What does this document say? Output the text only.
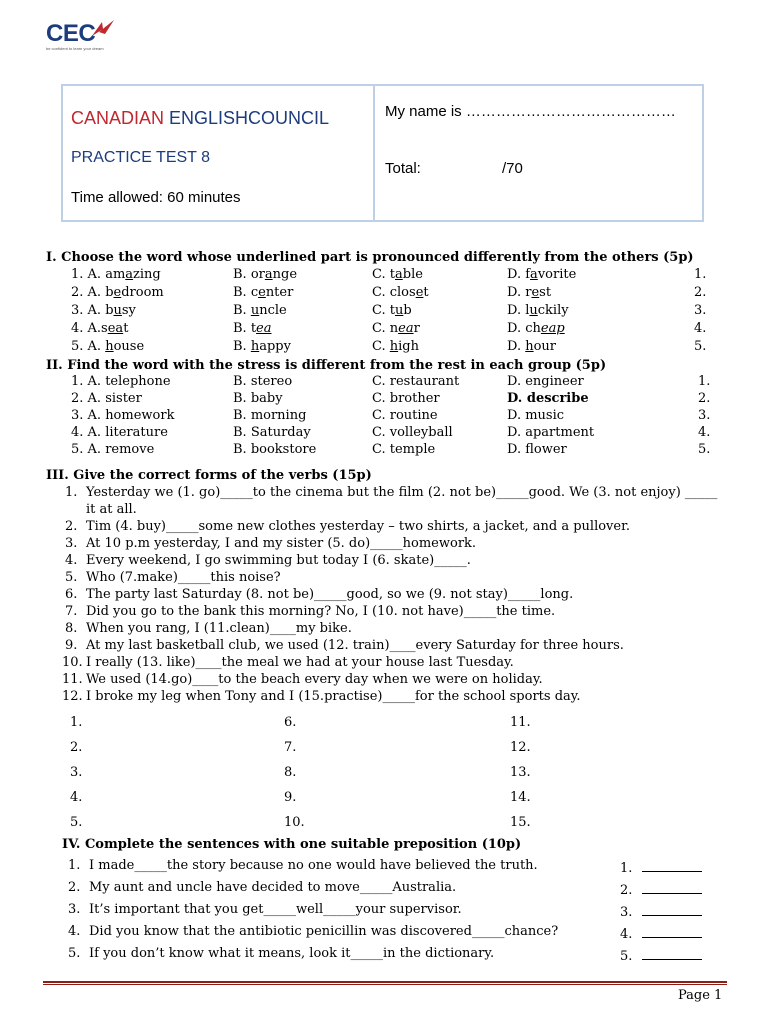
CEC
be confident to learn your dream
CANADIAN ENGLISHCOUNCIL
PRACTICE TEST 8
Time allowed: 60 minutes
My name is ……………………………………
Total:	/70
I. Choose the word whose underlined part is pronounced differently from the others (5p)
1. A. amazing	B. orange	C. table	D. favorite	1.
2. A. bedroom	B. center	C. closet	D. rest	2.
3. A. busy	B. uncle	C. tub	D. luckily	3.
4. A.seat	B. tea	C. near	D. cheap	4.
5. A. house	B. happy	C. high	D. hour	5.
II. Find the word with the stress is different from the rest in each group (5p)
1. A. telephone	B. stereo	C. restaurant	D. engineer	1.
2. A. sister	B. baby	C. brother	D. describe	2.
3. A. homework	B. morning	C. routine	D. music	3.
4. A. literature	B. Saturday	C. volleyball	D. apartment	4.
5. A. remove	B. bookstore	C. temple	D. flower	5.
III. Give the correct forms of the verbs (15p)
1. Yesterday we (1. go)_____to the cinema but the film (2. not be)_____good. We (3. not enjoy) _____
it at all.
2. Tim (4. buy)_____some new clothes yesterday – two shirts, a jacket, and a pullover.
3. At 10 p.m yesterday, I and my sister (5. do)_____homework.
4. Every weekend, I go swimming but today I (6. skate)_____.
5. Who (7.make)_____this noise?
6. The party last Saturday (8. not be)_____good, so we (9. not stay)_____long.
7. Did you go to the bank this morning? No, I (10. not have)_____the time.
8. When you rang, I (11.clean)____my bike.
9. At my last basketball club, we used (12. train)____every Saturday for three hours.
10. I really (13. like)____the meal we had at your house last Tuesday.
11. We used (14.go)____to the beach every day when we were on holiday.
12. I broke my leg when Tony and I (15.practise)_____for the school sports day.
1.	6.	11.
2.	7.	12.
3.	8.	13.
4.	9.	14.
5.	10.	15.
IV. Complete the sentences with one suitable preposition (10p)
1. I made_____the story because no one would have believed the truth.	1.
2. My aunt and uncle have decided to move_____Australia.	2.
3. It’s important that you get_____well_____your supervisor.	3.
4. Did you know that the antibiotic penicillin was discovered_____chance?	4.
5. If you don’t know what it means, look it_____in the dictionary.	5.
Page 1
